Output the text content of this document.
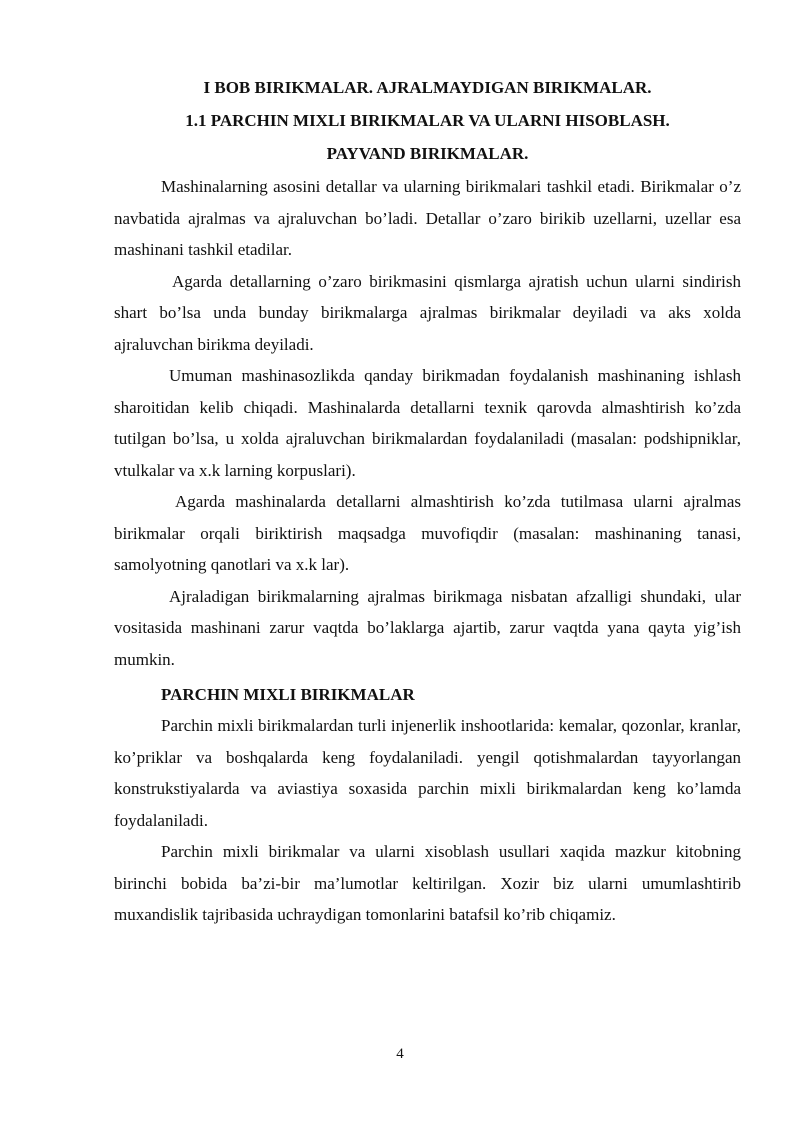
I BOB BIRIKMALAR. AJRALMAYDIGAN BIRIKMALAR.

1.1 PARCHIN MIXLI BIRIKMALAR VA ULARNI HISOBLASH.

PAYVAND BIRIKMALAR.

Mashinalarning asosini detallar va ularning birikmalari tashkil etadi. Birikmalar o’z navbatida ajralmas va ajraluvchan bo’ladi. Detallar o’zaro birikib uzellarni, uzellar esa mashinani tashkil etadilar.

Agarda detallarning o’zaro birikmasini qismlarga ajratish uchun ularni sindirish shart bo’lsa unda bunday birikmalarga ajralmas birikmalar deyiladi va aks xolda ajraluvchan birikma deyiladi.

Umuman mashinasozlikda qanday birikmadan foydalanish mashinaning ishlash sharoitidan kelib chiqadi. Mashinalarda detallarni texnik qarovda almashtirish ko’zda tutilgan bo’lsa, u xolda ajraluvchan birikmalardan foydalaniladi (masalan: podshipniklar, vtulkalar va x.k larning korpuslari).

Agarda mashinalarda detallarni almashtirish ko’zda tutilmasa ularni ajralmas birikmalar orqali biriktirish maqsadga muvofiqdir (masalan: mashinaning tanasi, samolyotning qanotlari va x.k lar).

Ajraladigan birikmalarning ajralmas birikmaga nisbatan afzalligi shundaki, ular vositasida mashinani zarur vaqtda bo’laklarga ajartib, zarur vaqtda yana qayta yig’ish mumkin.

PARCHIN MIXLI BIRIKMALAR

Parchin mixli birikmalardan turli injenerlik inshootlarida: kemalar, qozonlar, kranlar, ko’priklar va boshqalarda keng foydalaniladi. yengil qotishmalardan tayyorlangan konstrukstiyalarda va aviastiya soxasida parchin mixli birikmalardan keng ko’lamda foydalaniladi.

Parchin mixli birikmalar va ularni xisoblash usullari xaqida mazkur kitobning birinchi bobida ba’zi-bir ma’lumotlar keltirilgan. Xozir biz ularni umumlashtirib muxandislik tajribasida uchraydigan tomonlarini batafsil ko’rib chiqamiz.

4
